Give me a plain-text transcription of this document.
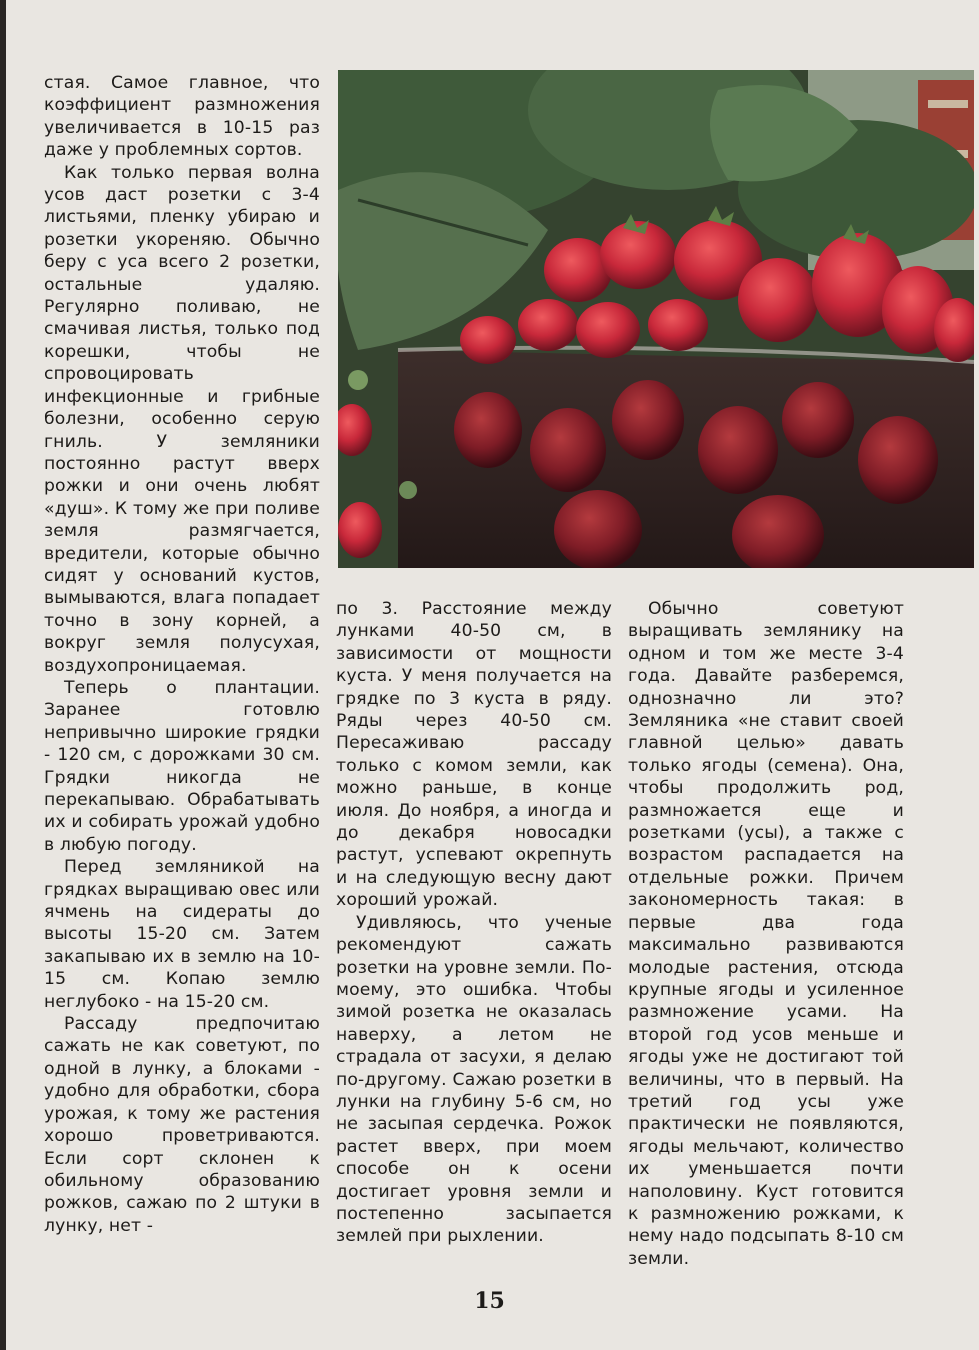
стая. Самое главное, что коэффициент размножения увеличивается в 10-15 раз даже у проблемных сортов.

Как только первая волна усов даст розетки с 3-4 листьями, пленку убираю и розетки укореняю. Обычно беру с уса всего 2 розетки, остальные удаляю. Регулярно поливаю, не смачивая листья, только под корешки, чтобы не спровоцировать инфекционные и грибные болезни, особенно серую гниль. У земляники постоянно растут вверх рожки и они очень любят «душ». К тому же при поливе земля размягчается, вредители, которые обычно сидят у оснований кустов, вымываются, влага попадает точно в зону корней, а вокруг земля полусухая, воздухопроницаемая.

Теперь о плантации. Заранее готовлю непривычно широкие грядки - 120 см, с дорожками 30 см. Грядки никогда не перекапываю. Обрабатывать их и собирать урожай удобно в любую погоду.

Перед земляникой на грядках выращиваю овес или ячмень на сидераты до высоты 15-20 см. Затем закапываю их в землю на 10-15 см. Копаю землю неглубоко - на 15-20 см.

Рассаду предпочитаю сажать не как советуют, по одной в лунку, а блоками - удобно для обработки, сбора урожая, к тому же растения хорошо проветриваются. Если сорт склонен к обильному образованию рожков, сажаю по 2 штуки в лунку, нет -

по 3. Расстояние между лунками 40-50 см, в зависимости от мощности куста. У меня получается на грядке по 3 куста в ряду. Ряды через 40-50 см. Пересаживаю рассаду только с комом земли, как можно раньше, в конце июля. До ноября, а иногда и до декабря новосадки растут, успевают окрепнуть и на следующую весну дают хороший урожай.

Удивляюсь, что ученые рекомендуют сажать розетки на уровне земли. По-моему, это ошибка. Чтобы зимой розетка не оказалась наверху, а летом не страдала от засухи, я делаю по-другому. Сажаю розетки в лунки на глубину 5-6 см, но не засыпая сердечка. Рожок растет вверх, при моем способе он к осени достигает уровня земли и постепенно засыпается землей при рыхлении.

Обычно советуют выращивать землянику на одном и том же месте 3-4 года. Давайте разберемся, однозначно ли это? Земляника «не ставит своей главной целью» давать только ягоды (семена). Она, чтобы продолжить род, размножается еще и розетками (усы), а также с возрастом распадается на отдельные рожки. Причем закономерность такая: в первые два года максимально развиваются молодые растения, отсюда крупные ягоды и усиленное размножение усами. На второй год усов меньше и ягоды уже не достигают той величины, что в первый. На третий год усы уже практически не появляются, ягоды мельчают, количество их уменьшается почти наполовину. Куст готовится к размножению рожками, к нему надо подсыпать 8-10 см земли.

15
